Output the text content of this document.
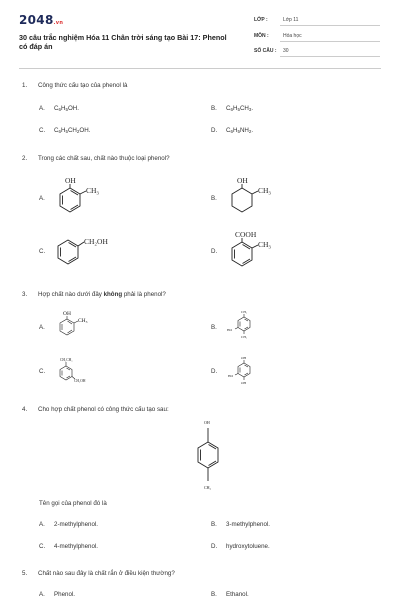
2048.vn
30 câu trắc nghiệm Hóa 11 Chân trời sáng tạo Bài 17: Phenol có đáp án
LỚP :	Lớp 11
MÔN :	Hóa học
SỐ CÂU : 30
1. Công thức cấu tạo của phenol là
A. $C_6H_5OH$.	B. $C_6H_5CH_3$.
C. $C_6H_5CH_2OH$.	D. $C_6H_5NH_2$.
2. Trong các chất sau, chất nào thuộc loại phenol?
A.
OH
CH₃
B.
OH
CH₃
C.
CH₂OH
D.
COOH
CH₃
3. Hợp chất nào dưới đây không phải là phenol?
A.
OH
CH₃
B.
CH₃
HO
CH₃
C.
CH₂CH₃
CH₂OH
D.
OH
HO
OH
4. Cho hợp chất phenol có công thức cấu tạo sau:
OH
CH₃
Tên gọi của phenol đó là
A. 2-methylphenol.	B. 3-methylphenol.
C. 4-methylphenol.	D. hydroxytoluene.
5. Chất nào sau đây là chất rắn ở điều kiện thường?
A. Phenol.	B. Ethanol.
